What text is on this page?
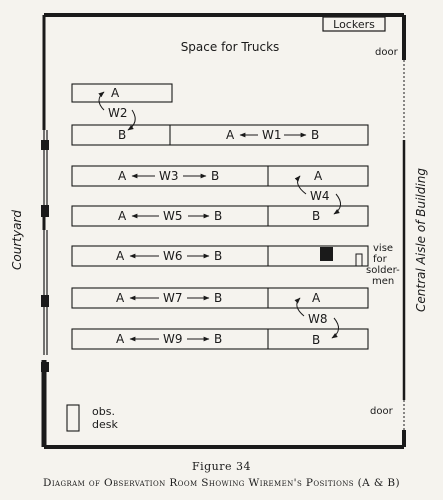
Lockers
door
Space for Trucks
Courtyard	Central Aisle of Building
vise
for
solder-
men
obs.
desk
door
A
W2
B	A W1 B
A	W3	B	A
W4
B
A	W5	B
A	W6	B
A	W7	B	A
W8
B
A	W9	B
Figure 34
Diagram of Observation Room Showing Wiremen's Positions (A & B)
